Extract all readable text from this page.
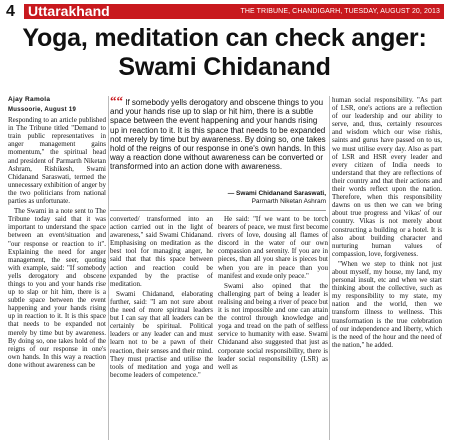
4 Uttarakhand	THE TRIBUNE, CHANDIGARH, TUESDAY, AUGUST 20, 2013
Yoga, meditation can check anger: Swami Chidanand
Ajay Ramola

Mussoorie, August 19

Responding to an article published in The Tribune titled "Demand to train public representatives in anger management gains momentum," the spiritual head and president of Parmarth Niketan Ashram, Rishikesh, Swami Chidanand Saraswati, termed the unnecessary exhibition of anger by the two politicians from national parties as unfortunate.

The Swami in a note sent to The Tribune today said that it was important to understand the space between an event/situation and "our response or reaction to it". Explaining the need for anger management, the seer, quoting with example, said: "If somebody yells derogatory and obscene things to you and your hands rise up to slap or hit him, there is a subtle space between the event happening and your hands rising up in reaction to it. It is this space that needs to be expanded not merely by time but by awareness. By doing so, one takes hold of the reigns of our response in one's own hands. In this way a reaction done without awareness can be

““ If somebody yells derogatory and obscene things to you and your hands rise up to slap or hit him, there is a subtle space between the event happening and your hands rising up in reaction to it. It is this space that needs to be expanded not merely by time but by awareness. By doing so, one takes hold of the reigns of our response in one's own hands. In this way a reaction done without awareness can be converted or transformed into an action done with awareness.
— Swami Chidanand Saraswati,
Parmarth Niketan Ashram

converted/ transformed into an action carried out in the light of awareness," said Swami Chidanand. Emphasising on meditation as the best tool for managing anger, he said that that this space between action and reaction could be expanded by the practise of meditation.

Swami Chidanand, elaborating further, said: "I am not sure about the need of more spiritual leaders but I can say that all leaders can be certainly be spiritual. Political leaders or any leader can and must learn not to be a pawn of their reaction, their senses and their mind. They must practise and utilise the tools of meditation and yoga and become leaders of competence."

He said: "If we want to be torch bearers of peace, we must first become rivers of love, dousing all flames of discord in the water of our own compassion and serenity. If you are in pieces, than all you share is pieces but when you are in peace than you manifest and exude only peace."

Swami also opined that the challenging part of being a leader is realising and being a river of peace but it is not impossible and one can attain the control through knowledge and yoga and tread on the path of selfless service to humanity with ease. Swami Chidanand also suggested that just as corporate social responsibility, there is leader social responsibility (LSR) as well as

human social responsibility. "As part of LSR, one's actions are a reflection of our leadership and our ability to serve, and, thus, certainly resources and wisdom which our wise rishis, saints and gurus have passed on to us, we must utilise every day. Also as part of LSR and HSR every leader and every citizen of India needs to understand that they are reflections of their country and that their actions and their words reflect upon the nation. Therefore, when this responsibility dawns on us then we can we bring about true progress and 'vikas' of our country. Vikas is not merely about constructing a building or a hotel. It is also about building character and nurturing human values of compassion, love, forgiveness.

"When we step to think not just about myself, my house, my land, my personal insult, etc and when we start thinking about the collective, such as my responsibility to my state, my nation and the world, then we transform illness to wellness. This transformation is the true celebration of our independence and liberty, which is the need of the hour and the need of the nation," he added.
